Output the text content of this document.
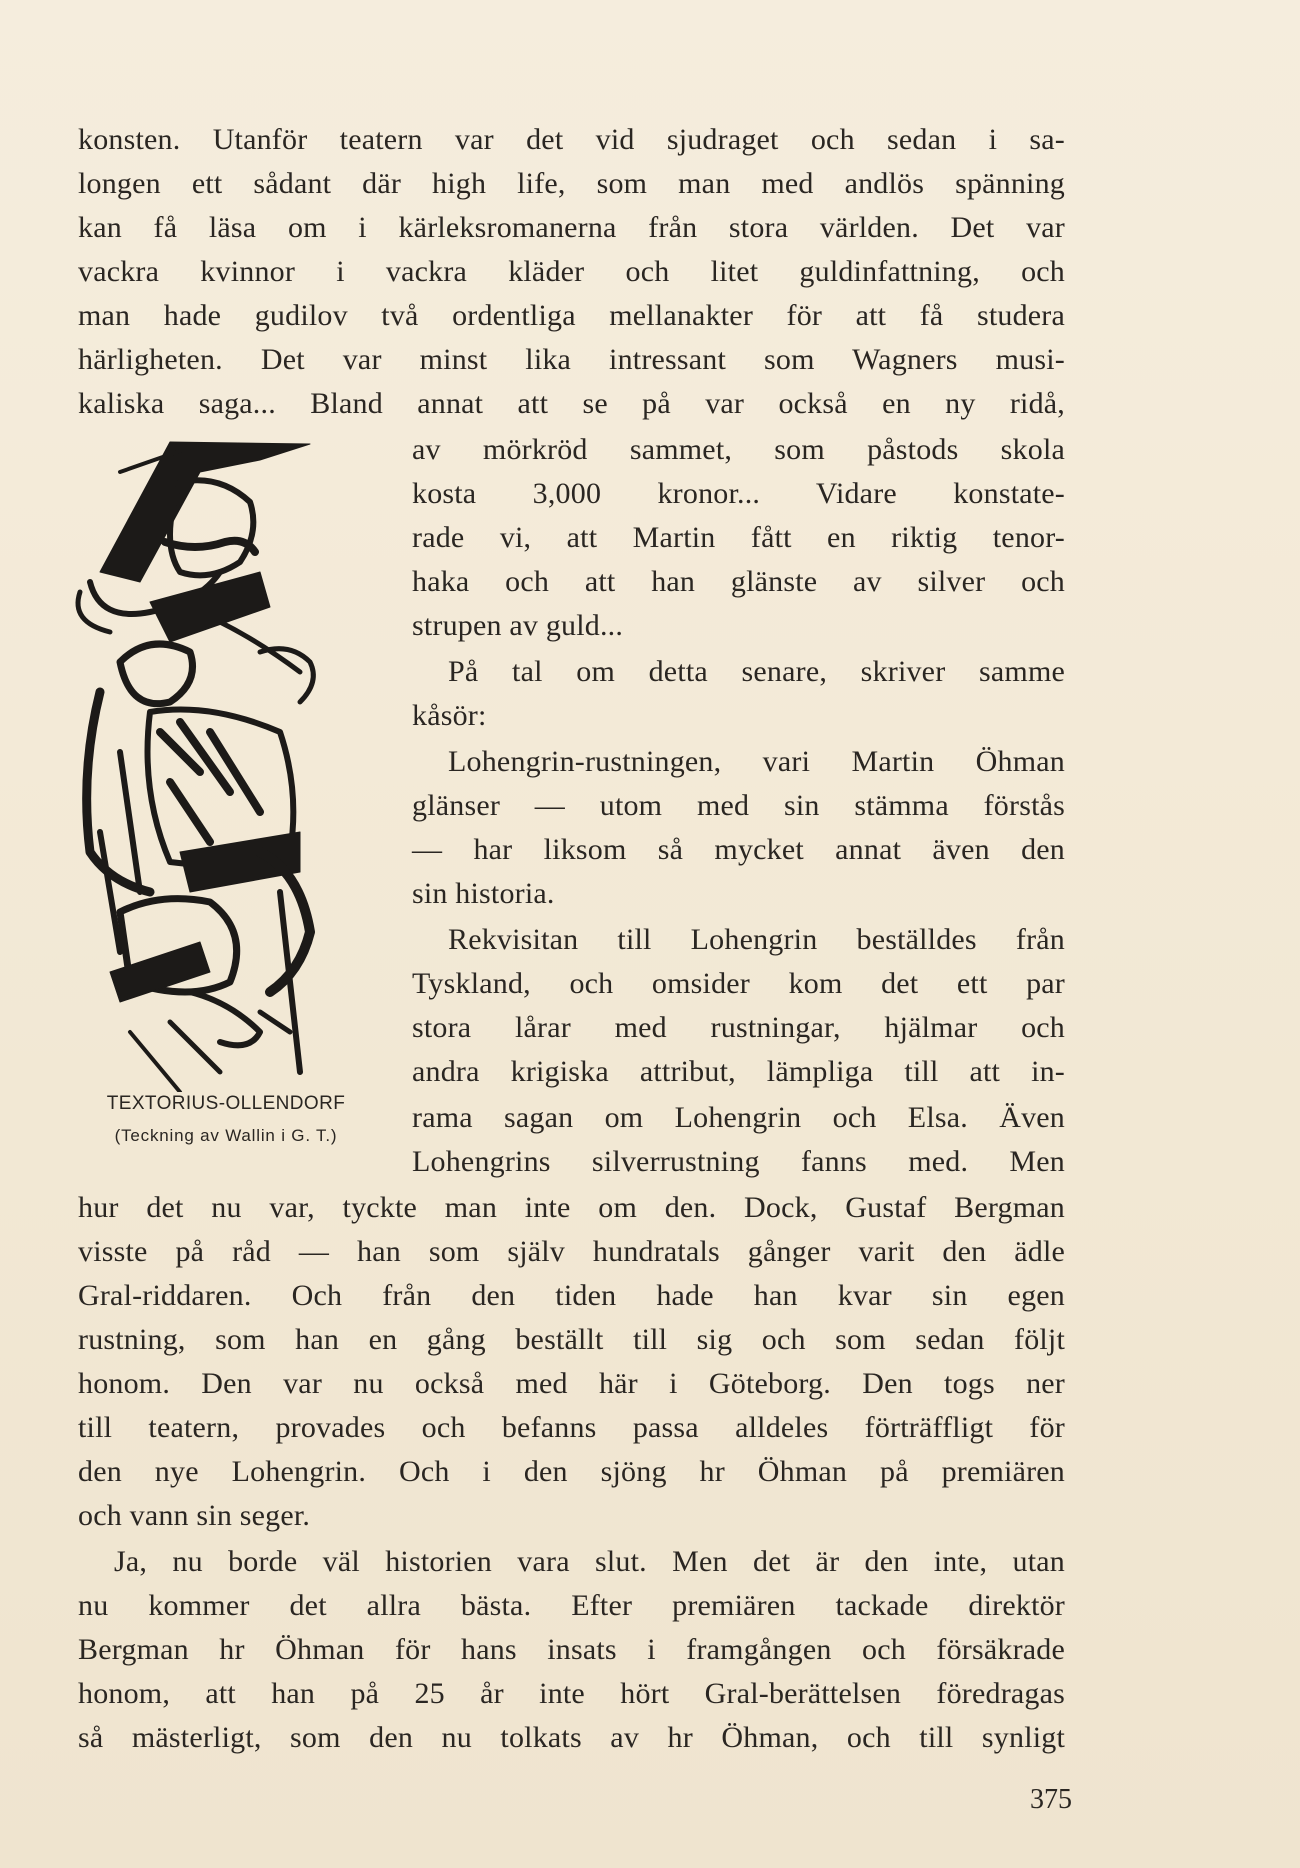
konsten. Utanför teatern var det vid sjudraget och sedan i sa-
longen ett sådant där high life, som man med andlös spänning
kan få läsa om i kärleksromanerna från stora världen. Det var
vackra kvinnor i vackra kläder och litet guldinfattning, och
man hade gudilov två ordentliga mellanakter för att få studera
härligheten. Det var minst lika intressant som Wagners musi-
kaliska saga... Bland annat att se på var också en ny ridå,
av mörkröd sammet, som påstods skola
kosta 3,000 kronor... Vidare konstate-
rade vi, att Martin fått en riktig tenor-
haka och att han glänste av silver och
strupen av guld...
På tal om detta senare, skriver samme
kåsör:
Lohengrin-rustningen, vari Martin Öhman
glänser — utom med sin stämma förstås
— har liksom så mycket annat även den
sin historia.
Rekvisitan till Lohengrin beställdes från
Tyskland, och omsider kom det ett par
stora lårar med rustningar, hjälmar och
andra krigiska attribut, lämpliga till att in-
rama sagan om Lohengrin och Elsa. Även
Lohengrins silverrustning fanns med. Men
hur det nu var, tyckte man inte om den. Dock, Gustaf Bergman
visste på råd — han som själv hundratals gånger varit den ädle
Gral-riddaren. Och från den tiden hade han kvar sin egen
rustning, som han en gång beställt till sig och som sedan följt
honom. Den var nu också med här i Göteborg. Den togs ner
till teatern, provades och befanns passa alldeles förträffligt för
den nye Lohengrin. Och i den sjöng hr Öhman på premiären
och vann sin seger.
Ja, nu borde väl historien vara slut. Men det är den inte, utan
nu kommer det allra bästa. Efter premiären tackade direktör
Bergman hr Öhman för hans insats i framgången och försäkrade
honom, att han på 25 år inte hört Gral-berättelsen föredragas
så mästerligt, som den nu tolkats av hr Öhman, och till synligt
TEXTORIUS-OLLENDORF
(Teckning av Wallin i G. T.)
375
